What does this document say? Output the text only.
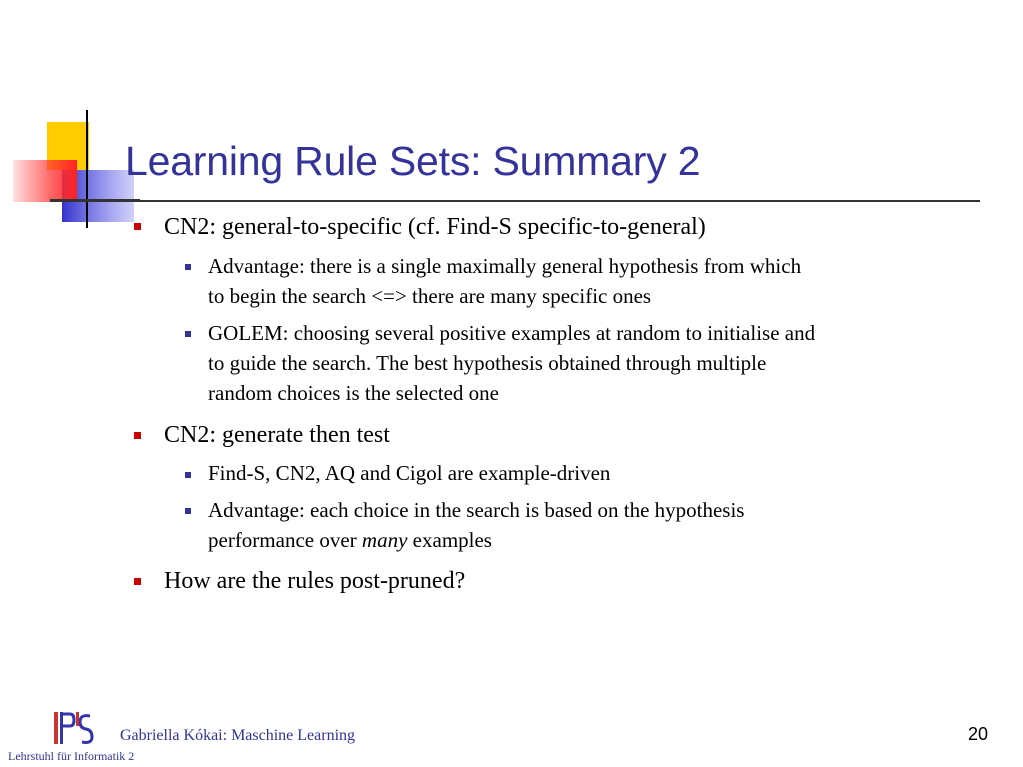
Learning Rule Sets: Summary 2
CN2: general-to-specific (cf. Find-S specific-to-general)
Advantage: there is a single maximally general hypothesis from which
to begin the search <=> there are many specific ones
GOLEM: choosing several positive examples at random to initialise and
to guide the search. The best hypothesis obtained through multiple
random choices is the selected one
CN2: generate then test
Find-S, CN2, AQ and Cigol are example-driven
Advantage: each choice in the search is based on the hypothesis
performance over many examples
How are the rules post-pruned?
Gabriella Kókai: Maschine Learning
Lehrstuhl für Informatik 2
20
